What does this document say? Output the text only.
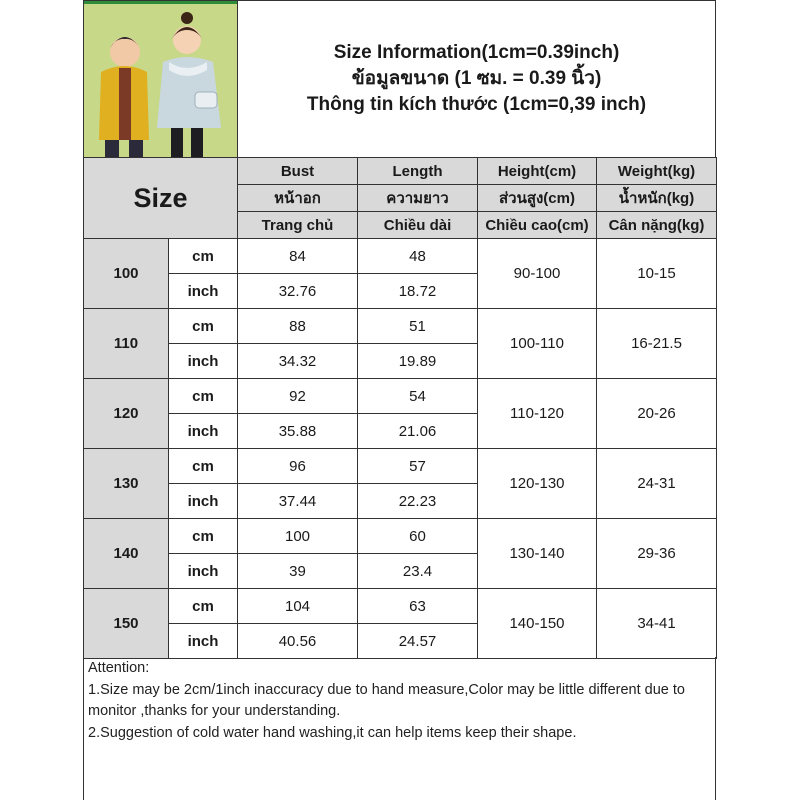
Size Information(1cm=0.39inch)
ข้อมูลขนาด (1 ซม. = 0.39 นิ้ว)
Thông tin kích thước (1cm=0,39 inch)
Size		Bust	Length	Height(cm)	Weight(kg)
		หน้าอก	ความยาว	ส่วนสูง(cm)	น้ำหนัก(kg)
		Trang chủ	Chiều dài	Chiều cao(cm)	Cân nặng(kg)
100	cm	84	48	90-100	10-15
	inch	32.76	18.72		
110	cm	88	51	100-110	16-21.5
	inch	34.32	19.89		
120	cm	92	54	110-120	20-26
	inch	35.88	21.06		
130	cm	96	57	120-130	24-31
	inch	37.44	22.23		
140	cm	100	60	130-140	29-36
	inch	39	23.4		
150	cm	104	63	140-150	34-41
	inch	40.56	24.57		

Attention:

1.Size may be 2cm/1inch inaccuracy due to hand measure,Color may be little different due to monitor ,thanks for your understanding.

2.Suggestion of cold water hand washing,it can help items keep their shape.
